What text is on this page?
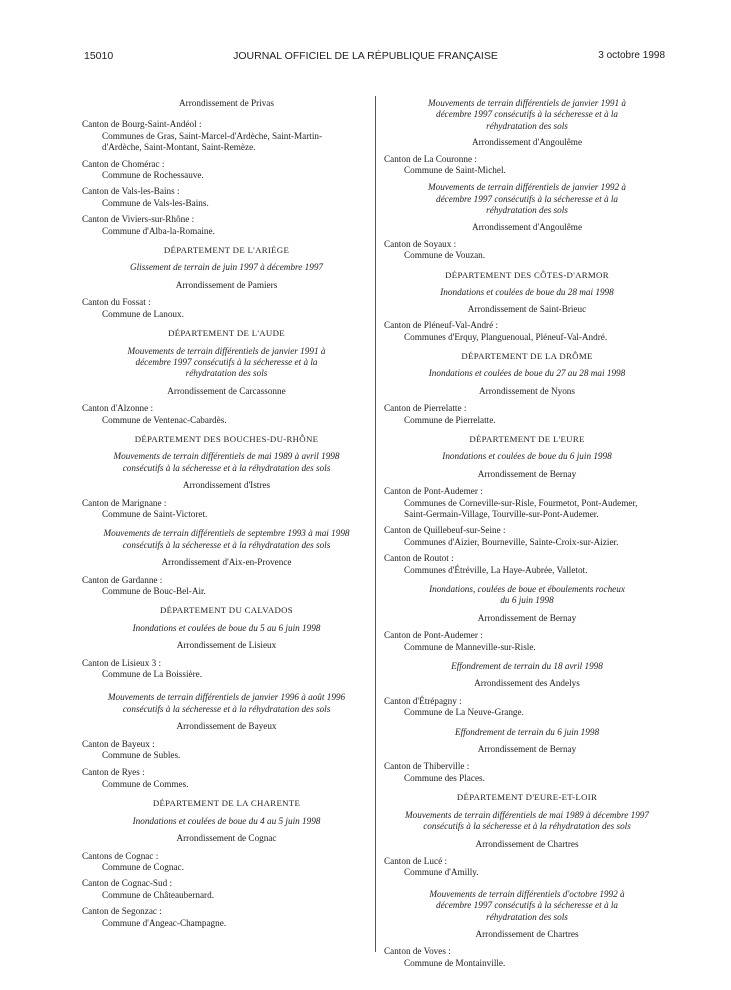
15010	JOURNAL OFFICIEL DE LA RÉPUBLIQUE FRANÇAISE	3 octobre 1998
Arrondissement de Privas
Canton de Bourg-Saint-Andéol :
Communes de Gras, Saint-Marcel-d'Ardèche, Saint-Martin-
d'Ardèche, Saint-Montant, Saint-Remèze.
Canton de Chomérac :
Commune de Rochessauve.
Canton de Vals-les-Bains :
Commune de Vals-les-Bains.
Canton de Viviers-sur-Rhône :
Commune d'Alba-la-Romaine.
DÉPARTEMENT DE L'ARIÈGE
Glissement de terrain de juin 1997 à décembre 1997
Arrondissement de Pamiers
Canton du Fossat :
Commune de Lanoux.
DÉPARTEMENT DE L'AUDE
Mouvements de terrain différentiels de janvier 1991 à
décembre 1997 consécutifs à la sécheresse et à la
réhydratation des sols
Arrondissement de Carcassonne
Canton d'Alzonne :
Commune de Ventenac-Cabardès.
DÉPARTEMENT DES BOUCHES-DU-RHÔNE
Mouvements de terrain différentiels de mai 1989 à avril 1998
consécutifs à la sécheresse et à la réhydratation des sols
Arrondissement d'Istres
Canton de Marignane :
Commune de Saint-Victoret.
Mouvements de terrain différentiels de septembre 1993 à mai 1998
consécutifs à la sécheresse et à la réhydratation des sols
Arrondissement d'Aix-en-Provence
Canton de Gardanne :
Commune de Bouc-Bel-Air.
DÉPARTEMENT DU CALVADOS
Inondations et coulées de boue du 5 au 6 juin 1998
Arrondissement de Lisieux
Canton de Lisieux 3 :
Commune de La Boissière.
Mouvements de terrain différentiels de janvier 1996 à août 1996
consécutifs à la sécheresse et à la réhydratation des sols
Arrondissement de Bayeux
Canton de Bayeux :
Commune de Subles.
Canton de Ryes :
Commune de Commes.
DÉPARTEMENT DE LA CHARENTE
Inondations et coulées de boue du 4 au 5 juin 1998
Arrondissement de Cognac
Cantons de Cognac :
Commune de Cognac.
Canton de Cognac-Sud :
Commune de Châteaubernard.
Canton de Segonzac :
Commune d'Angeac-Champagne.
Mouvements de terrain différentiels de janvier 1991 à
décembre 1997 consécutifs à la sécheresse et à la
réhydratation des sols
Arrondissement d'Angoulême
Canton de La Couronne :
Commune de Saint-Michel.
Mouvements de terrain différentiels de janvier 1992 à
décembre 1997 consécutifs à la sécheresse et à la
réhydratation des sols
Arrondissement d'Angoulême
Canton de Soyaux :
Commune de Vouzan.
DÉPARTEMENT DES CÔTES-D'ARMOR
Inondations et coulées de boue du 28 mai 1998
Arrondissement de Saint-Brieuc
Canton de Pléneuf-Val-André :
Communes d'Erquy, Planguenoual, Pléneuf-Val-André.
DÉPARTEMENT DE LA DRÔME
Inondations et coulées de boue du 27 au 28 mai 1998
Arrondissement de Nyons
Canton de Pierrelatte :
Commune de Pierrelatte.
DÉPARTEMENT DE L'EURE
Inondations et coulées de boue du 6 juin 1998
Arrondissement de Bernay
Canton de Pont-Audemer :
Communes de Corneville-sur-Risle, Fourmetot, Pont-Audemer,
Saint-Germain-Village, Tourville-sur-Pont-Audemer.
Canton de Quillebeuf-sur-Seine :
Communes d'Aizier, Bourneville, Sainte-Croix-sur-Aizier.
Canton de Routot :
Communes d'Étréville, La Haye-Aubrée, Valletot.
Inondations, coulées de boue et éboulements rocheux
du 6 juin 1998
Arrondissement de Bernay
Canton de Pont-Audemer :
Commune de Manneville-sur-Risle.
Effondrement de terrain du 18 avril 1998
Arrondissement des Andelys
Canton d'Étrépagny :
Commune de La Neuve-Grange.
Effondrement de terrain du 6 juin 1998
Arrondissement de Bernay
Canton de Thiberville :
Commune des Places.
DÉPARTEMENT D'EURE-ET-LOIR
Mouvements de terrain différentiels de mai 1989 à décembre 1997
consécutifs à la sécheresse et à la réhydratation des sols
Arrondissement de Chartres
Canton de Lucé :
Commune d'Amilly.
Mouvements de terrain différentiels d'octobre 1992 à
décembre 1997 consécutifs à la sécheresse et à la
réhydratation des sols
Arrondissement de Chartres
Canton de Voves :
Commune de Montainville.
